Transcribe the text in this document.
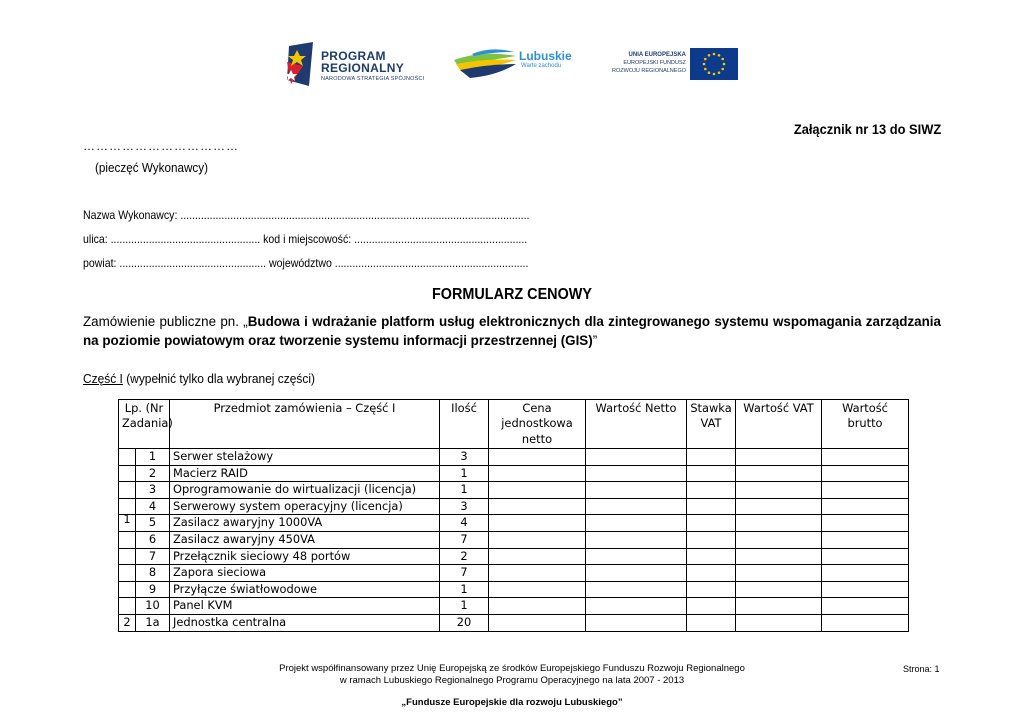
PROGRAM
REGIONALNY
NARODOWA STRATEGIA SPÓJNOŚCI
Lubuskie
Warte zachodu
UNIA EUROPEJSKA
EUROPEJSKI FUNDUSZ
ROZWOJU REGIONALNEGO
Załącznik nr 13 do SIWZ
………………………………
(pieczęć Wykonawcy)
Nazwa Wykonawcy: .......................................................................................................................
ulica: ................................................... kod i miejscowość: ...........................................................
powiat: .................................................. województwo ..................................................................
FORMULARZ CENOWY
Zamówienie publiczne pn. „Budowa i wdrażanie platform usług elektronicznych dla zintegrowanego systemu wspomagania zarządzania na poziomie powiatowym oraz tworzenie systemu informacji przestrzennej (GIS)”
Część I (wypełnić tylko dla wybranej części)
Lp. (Nr Zadania)	Przedmiot zamówienia – Część I	Ilość	Cena jednostkowa netto	Wartość Netto	Stawka VAT	Wartość VAT	Wartość brutto

1	Serwer stelażowy	3					

2	Macierz RAID	1					

3	Oprogramowanie do wirtualizacji (licencja)	1					

4	Serwerowy system operacyjny (licencja)	3					

1 5	Zasilacz awaryjny 1000VA	4					

6	Zasilacz awaryjny 450VA	7					

7	Przełącznik sieciowy 48 portów	2					

8	Zapora sieciowa	7					

9	Przyłącze światłowodowe	1					

10	Panel KVM	1					

2 1a	Jednostka centralna	20					
Projekt współfinansowany przez Unię Europejską ze środków Europejskiego Funduszu Rozwoju Regionalnego
w ramach Lubuskiego Regionalnego Programu Operacyjnego na lata 2007 - 2013
„Fundusze Europejskie dla rozwoju Lubuskiego”
Strona: 1
